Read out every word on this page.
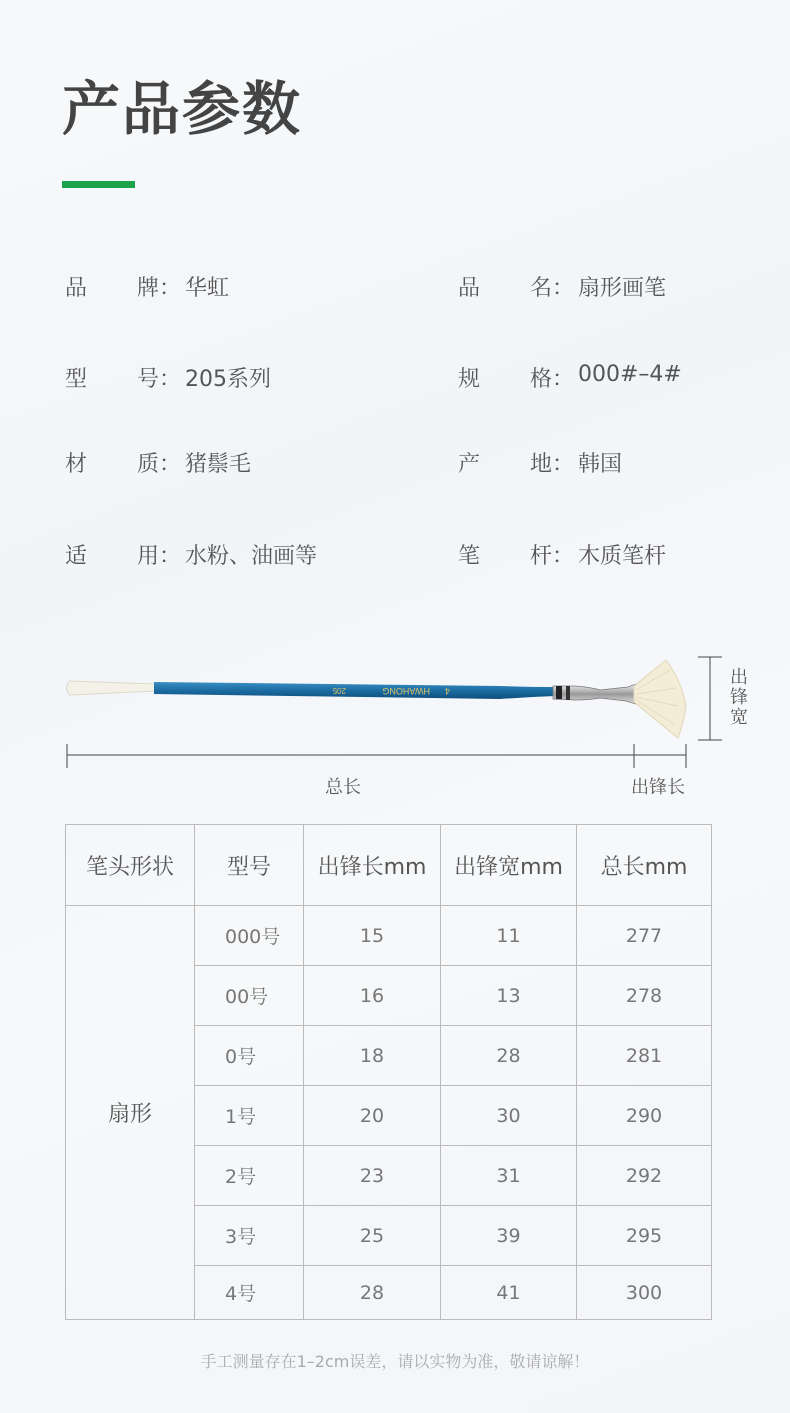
产品参数
品 牌： 华虹	品 名： 扇形画笔
型 号： 205系列	规 格： 000#–4#
材 质： 猪鬃毛	产 地： 韩国
适 用： 水粉、油画等	笔 杆： 木质笔杆
HWAHONG
205	4
总长	出锋长
出锋宽
笔头形状	型号	出锋长mm	出锋宽mm	总长mm
扇形	000号	15	11	277
	00号	16	13	278
	0号	18	28	281
	1号	20	30	290
	2号	23	31	292
	3号	25	39	295
	4号	28	41	300
手工测量存在1–2cm误差，请以实物为准，敬请谅解！
